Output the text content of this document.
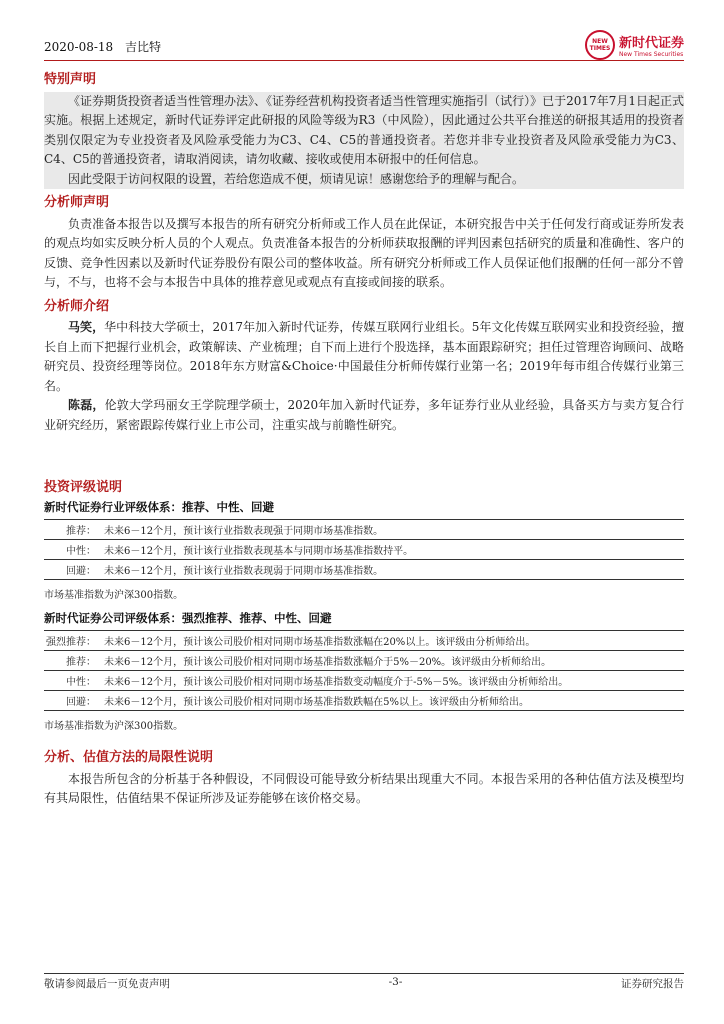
2020-08-18 吉比特	NEW TIMES 新时代证券
New Times Securities
特别声明

《证券期货投资者适当性管理办法》、《证券经营机构投资者适当性管理实施指引（试行）》已于2017年7月1日起正式实施。根据上述规定，新时代证券评定此研报的风险等级为R3（中风险），因此通过公共平台推送的研报其适用的投资者类别仅限定为专业投资者及风险承受能力为C3、C4、C5的普通投资者。若您并非专业投资者及风险承受能力为C3、C4、C5的普通投资者，请取消阅读，请勿收藏、接收或使用本研报中的任何信息。

因此受限于访问权限的设置，若给您造成不便，烦请见谅！感谢您给予的理解与配合。

分析师声明

负责准备本报告以及撰写本报告的所有研究分析师或工作人员在此保证，本研究报告中关于任何发行商或证券所发表的观点均如实反映分析人员的个人观点。负责准备本报告的分析师获取报酬的评判因素包括研究的质量和准确性、客户的反馈、竞争性因素以及新时代证券股份有限公司的整体收益。所有研究分析师或工作人员保证他们报酬的任何一部分不曾与，不与，也将不会与本报告中具体的推荐意见或观点有直接或间接的联系。

分析师介绍

马笑，华中科技大学硕士，2017年加入新时代证券，传媒互联网行业组长。5年文化传媒互联网实业和投资经验，擅长自上而下把握行业机会，政策解读、产业梳理；自下而上进行个股选择，基本面跟踪研究；担任过管理咨询顾问、战略研究员、投资经理等岗位。2018年东方财富&Choice·中国最佳分析师传媒行业第一名；2019年每市组合传媒行业第三名。

陈磊，伦敦大学玛丽女王学院理学硕士，2020年加入新时代证券，多年证券行业从业经验，具备买方与卖方复合行业研究经历，紧密跟踪传媒行业上市公司，注重实战与前瞻性研究。

投资评级说明
新时代证券行业评级体系：推荐、中性、回避
推荐： 未来6－12个月，预计该行业指数表现强于同期市场基准指数。
中性： 未来6－12个月，预计该行业指数表现基本与同期市场基准指数持平。
回避： 未来6－12个月，预计该行业指数表现弱于同期市场基准指数。
市场基准指数为沪深300指数。
新时代证券公司评级体系：强烈推荐、推荐、中性、回避
强烈推荐： 未来6－12个月，预计该公司股价相对同期市场基准指数涨幅在20%以上。该评级由分析师给出。
推荐： 未来6－12个月，预计该公司股价相对同期市场基准指数涨幅介于5%－20%。该评级由分析师给出。
中性： 未来6－12个月，预计该公司股价相对同期市场基准指数变动幅度介于-5%－5%。该评级由分析师给出。
回避： 未来6－12个月，预计该公司股价相对同期市场基准指数跌幅在5%以上。该评级由分析师给出。
市场基准指数为沪深300指数。
分析、估值方法的局限性说明

本报告所包含的分析基于各种假设，不同假设可能导致分析结果出现重大不同。本报告采用的各种估值方法及模型均有其局限性，估值结果不保证所涉及证券能够在该价格交易。

敬请参阅最后一页免责声明	-3-	证券研究报告
